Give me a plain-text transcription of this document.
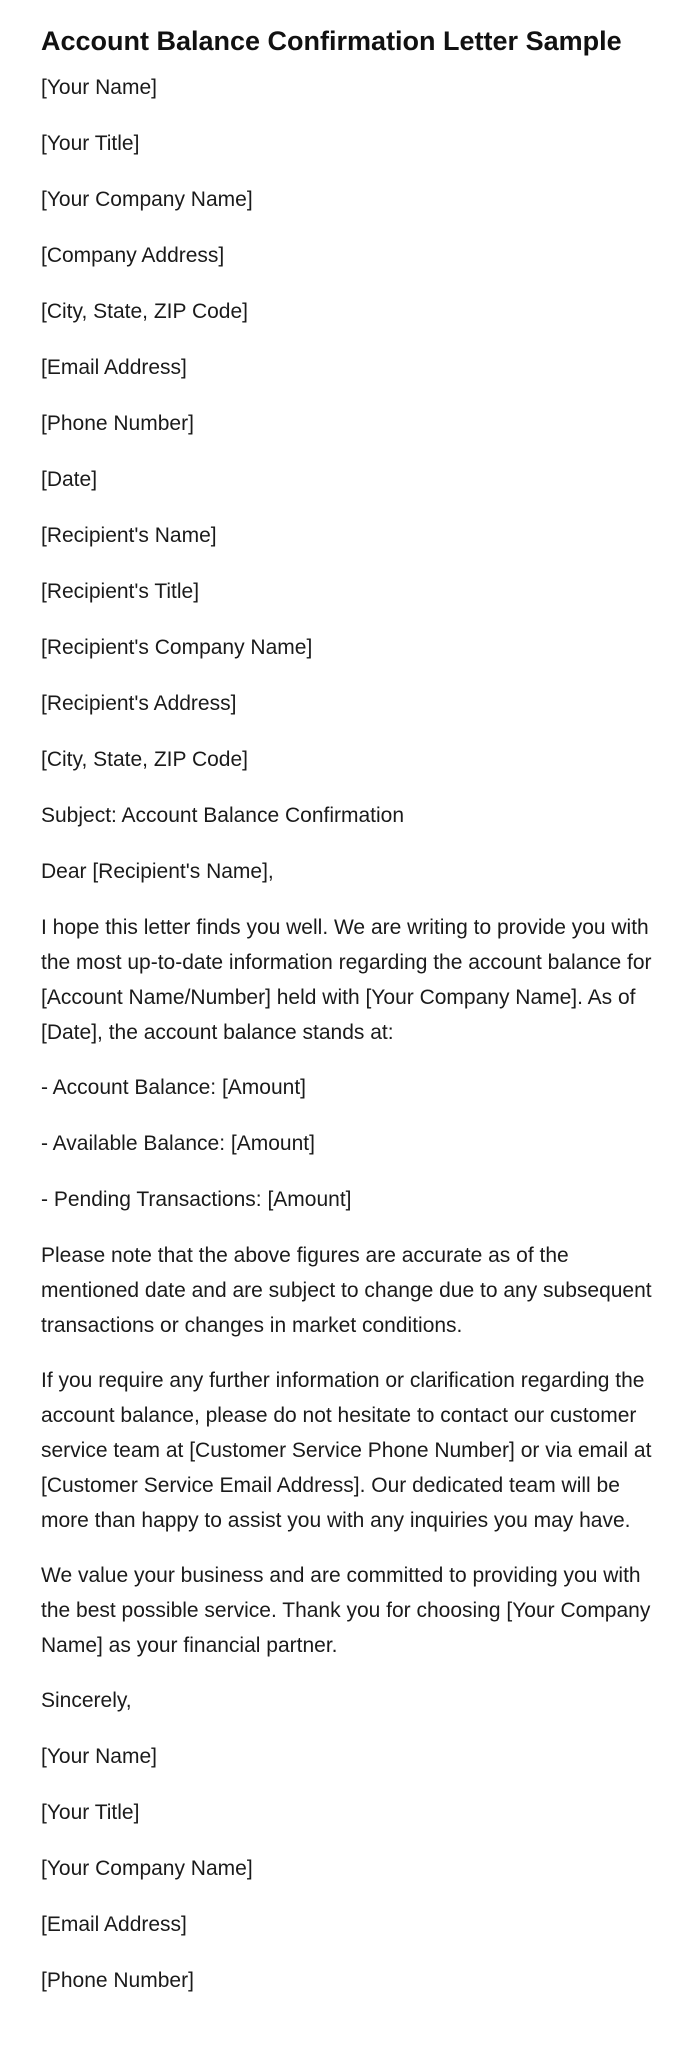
Account Balance Confirmation Letter Sample

[Your Name]

[Your Title]

[Your Company Name]

[Company Address]

[City, State, ZIP Code]

[Email Address]

[Phone Number]

[Date]

[Recipient's Name]

[Recipient's Title]

[Recipient's Company Name]

[Recipient's Address]

[City, State, ZIP Code]

Subject: Account Balance Confirmation

Dear [Recipient's Name],

I hope this letter finds you well. We are writing to provide you with the most up-to-date information regarding the account balance for [Account Name/Number] held with [Your Company Name]. As of [Date], the account balance stands at:

- Account Balance: [Amount]

- Available Balance: [Amount]

- Pending Transactions: [Amount]

Please note that the above figures are accurate as of the mentioned date and are subject to change due to any subsequent transactions or changes in market conditions.

If you require any further information or clarification regarding the account balance, please do not hesitate to contact our customer service team at [Customer Service Phone Number] or via email at [Customer Service Email Address]. Our dedicated team will be more than happy to assist you with any inquiries you may have.

We value your business and are committed to providing you with the best possible service. Thank you for choosing [Your Company Name] as your financial partner.

Sincerely,

[Your Name]

[Your Title]

[Your Company Name]

[Email Address]

[Phone Number]
